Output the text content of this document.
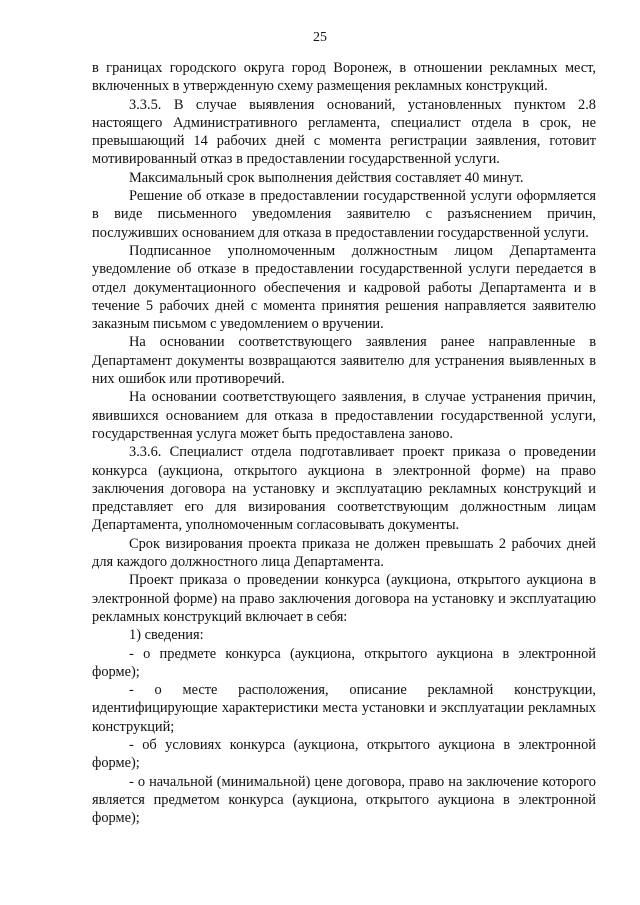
25

в границах городского округа город Воронеж, в отношении рекламных мест, включенных в утвержденную схему размещения рекламных конструкций.

3.3.5. В случае выявления оснований, установленных пунктом 2.8 настоящего Административного регламента, специалист отдела в срок, не превышающий 14 рабочих дней с момента регистрации заявления, готовит мотивированный отказ в предоставлении государственной услуги.

Максимальный срок выполнения действия составляет 40 минут.

Решение об отказе в предоставлении государственной услуги оформляется в виде письменного уведомления заявителю с разъяснением причин, послуживших основанием для отказа в предоставлении государственной услуги.

Подписанное уполномоченным должностным лицом Департамента уведомление об отказе в предоставлении государственной услуги передается в отдел документационного обеспечения и кадровой работы Департамента и в течение 5 рабочих дней с момента принятия решения направляется заявителю заказным письмом с уведомлением о вручении.

На основании соответствующего заявления ранее направленные в Департамент документы возвращаются заявителю для устранения выявленных в них ошибок или противоречий.

На основании соответствующего заявления, в случае устранения причин, явившихся основанием для отказа в предоставлении государственной услуги, государственная услуга может быть предоставлена заново.

3.3.6. Специалист отдела подготавливает проект приказа о проведении конкурса (аукциона, открытого аукциона в электронной форме) на право заключения договора на установку и эксплуатацию рекламных конструкций и представляет его для визирования соответствующим должностным лицам Департамента, уполномоченным согласовывать документы.

Срок визирования проекта приказа не должен превышать 2 рабочих дней для каждого должностного лица Департамента.

Проект приказа о проведении конкурса (аукциона, открытого аукциона в электронной форме) на право заключения договора на установку и эксплуатацию рекламных конструкций включает в себя:

1) сведения:

- о предмете конкурса (аукциона, открытого аукциона в электронной форме);

- о месте расположения, описание рекламной конструкции, идентифицирующие характеристики места установки и эксплуатации рекламных конструкций;

- об условиях конкурса (аукциона, открытого аукциона в электронной форме);

- о начальной (минимальной) цене договора, право на заключение которого является предметом конкурса (аукциона, открытого аукциона в электронной форме);
